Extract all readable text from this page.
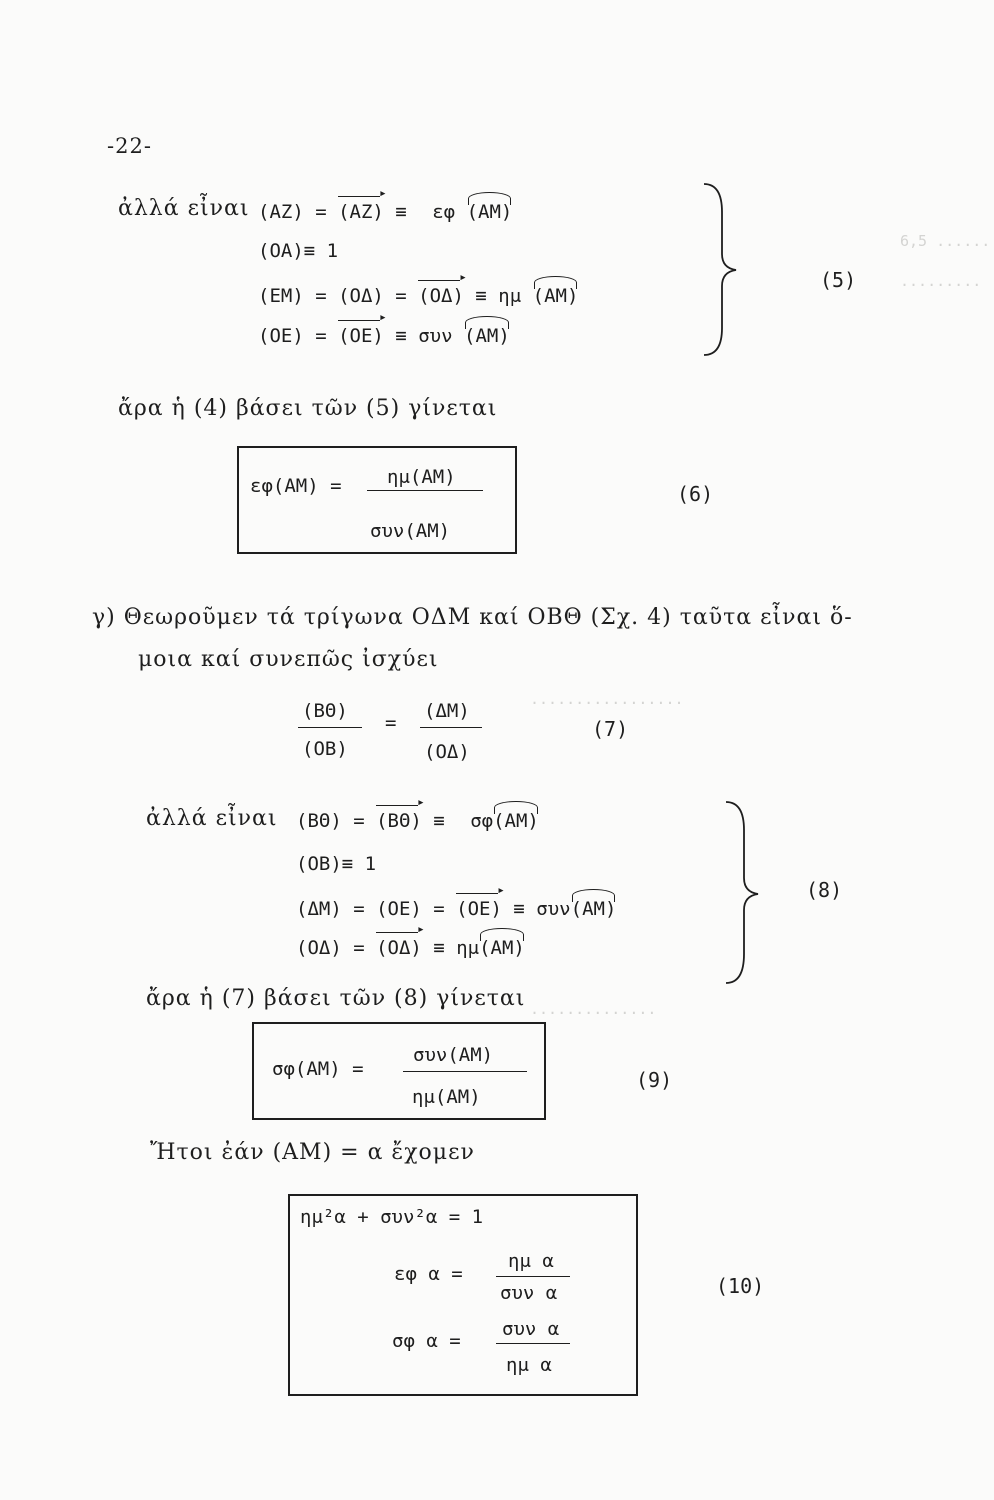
6,5 ......
.........
.................
..............
-22-
ἀλλά εἶναι (AZ) = (AZ) ▸ ≡ εφ (AM)
(OA)≡ 1
(EM) = (OΔ) = (OΔ) ▸ ≡ ημ (AM)
(OE) = (OE) ▸ ≡ συν (AM)
(5)
ἄρα ἡ (4) βάσει τῶν (5) γίνεται
εφ(AM) = ημ(AM)
συν(AM)
(6)
γ) Θεωροῦμεν τά τρίγωνα ΟΔΜ καί ΟΒΘ (Σχ. 4) ταῦτα εἶναι ὅ-
μοια καί συνεπῶς ἰσχύει
(BΘ)
(OB)
=
(ΔM)
(OΔ)
(7)
ἀλλά εἶναι (BΘ) = (BΘ) ▸ ≡ σφ(AM)
(OB)≡ 1
(ΔM) = (OE) = (OE) ▸ ≡ συν(AM)
(OΔ) = (OΔ) ▸ ≡ ημ(AM)
(8)
ἄρα ἡ (7) βάσει τῶν (8) γίνεται
σφ(AM) =
συν(AM)
ημ(AM)
(9)
Ἤτοι ἐάν (AM) = α ἔχομεν
ημ²α + συν²α = 1
εφ α =
ημ α
συν α
σφ α =
συν α
ημ α
(10)
